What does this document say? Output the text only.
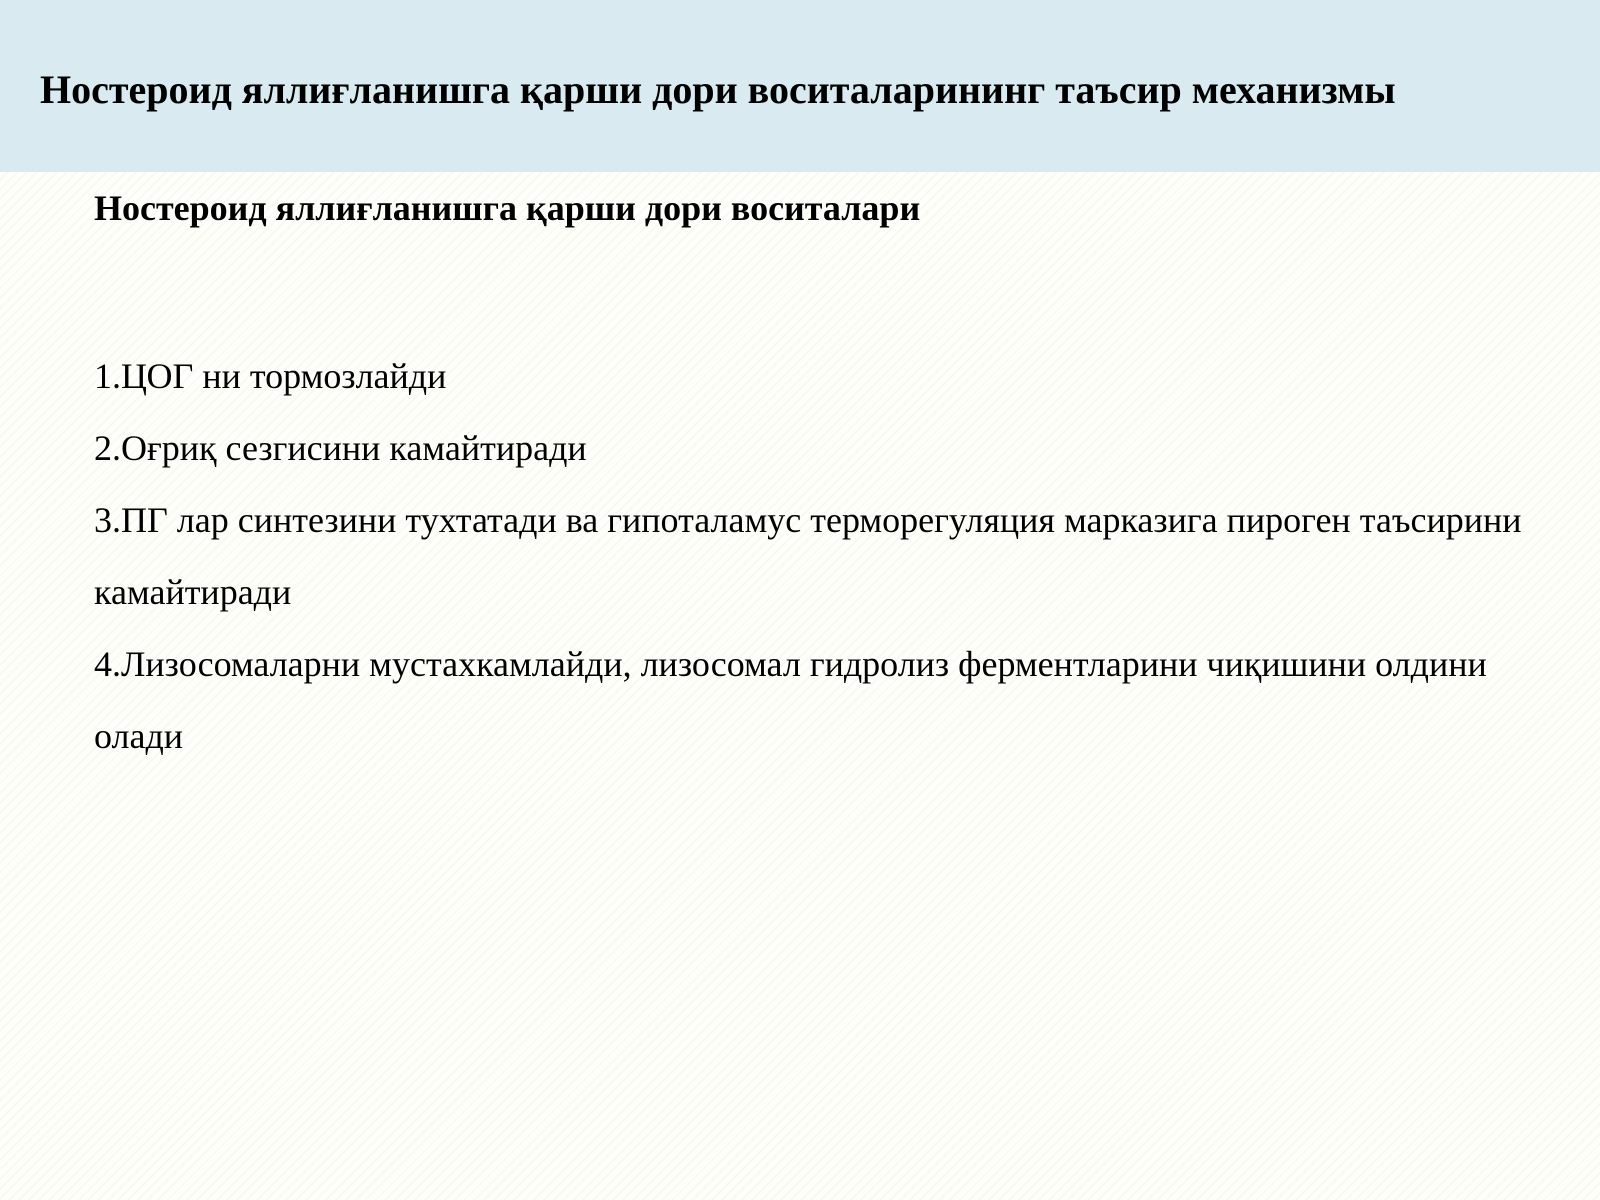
Ностероид яллиғланишга қарши дори воситаларининг таъсир механизмы
Ностероид яллиғланишга қарши дори воситалари
1.ЦОГ ни тормозлайди
2.Оғриқ сезгисини камайтиради
3.ПГ лар синтезини тухтатади ва гипоталамус терморегуляция марказига пироген таъсирини камайтиради
4.Лизосомаларни мустахкамлайди, лизосомал гидролиз ферментларини чиқишини олдини олади
